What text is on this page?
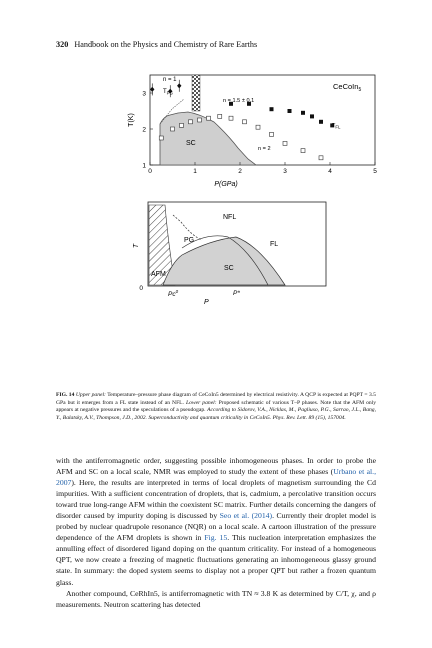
320 Handbook on the Physics and Chemistry of Rare Earths
0	1	2	3	4	5
1
2
3
n = 1
$T_{PG}$
n = 1.5 ± 0.1
$T_{FL}$
n = 2
SC
CeCoIn$_5$
P(GPa)
T(K)
NFL
PG
FL
SC
AFM
0
T
P
Pc$^0$	P*
FIG. 14 Upper panel: Temperature–pressure phase diagram of CeCoIn5 determined by electrical resistivity. A QCP is expected at PQPT = 3.5 GPa but it emerges from a FL state instead of an NFL. Lower panel: Proposed schematic of various T–P phases. Note that the AFM only appears at negative pressures and the speculations of a pseudogap. According to Sidorov, V.A., Nicklas, M., Pagliuso, P.G., Sarrao, J.L., Bang, Y., Balatsky, A.V., Thompson, J.D., 2002. Superconductivity and quantum criticality in CeCoIn5. Phys. Rev. Lett. 89 (15), 157004.

with the antiferromagnetic order, suggesting possible inhomogeneous phases. In order to probe the AFM and SC on a local scale, NMR was employed to study the extent of these phases (Urbano et al., 2007). Here, the results are interpreted in terms of local droplets of magnetism surrounding the Cd impurities. With a sufficient concentration of droplets, that is, cadmium, a percolative transition occurs toward true long-range AFM within the coexistent SC matrix. Further details concerning the dangers of disorder caused by impurity doping is discussed by Seo et al. (2014). Currently their droplet model is probed by nuclear quadrupole resonance (NQR) on a local scale. A cartoon illustration of the pressure dependence of the AFM droplets is shown in Fig. 15. This nucleation interpretation emphasizes the annulling effect of disordered ligand doping on the quantum criticality. For instead of a homogeneous QPT, we now create a freezing of magnetic fluctuations generating an inhomogeneous glassy ground state. In summary: the doped system seems to display not a proper QPT but rather a frozen quantum glass.

Another compound, CeRhIn5, is antiferromagnetic with TN ≈ 3.8 K as determined by C/T, χ, and ρ measurements. Neutron scattering has detected
